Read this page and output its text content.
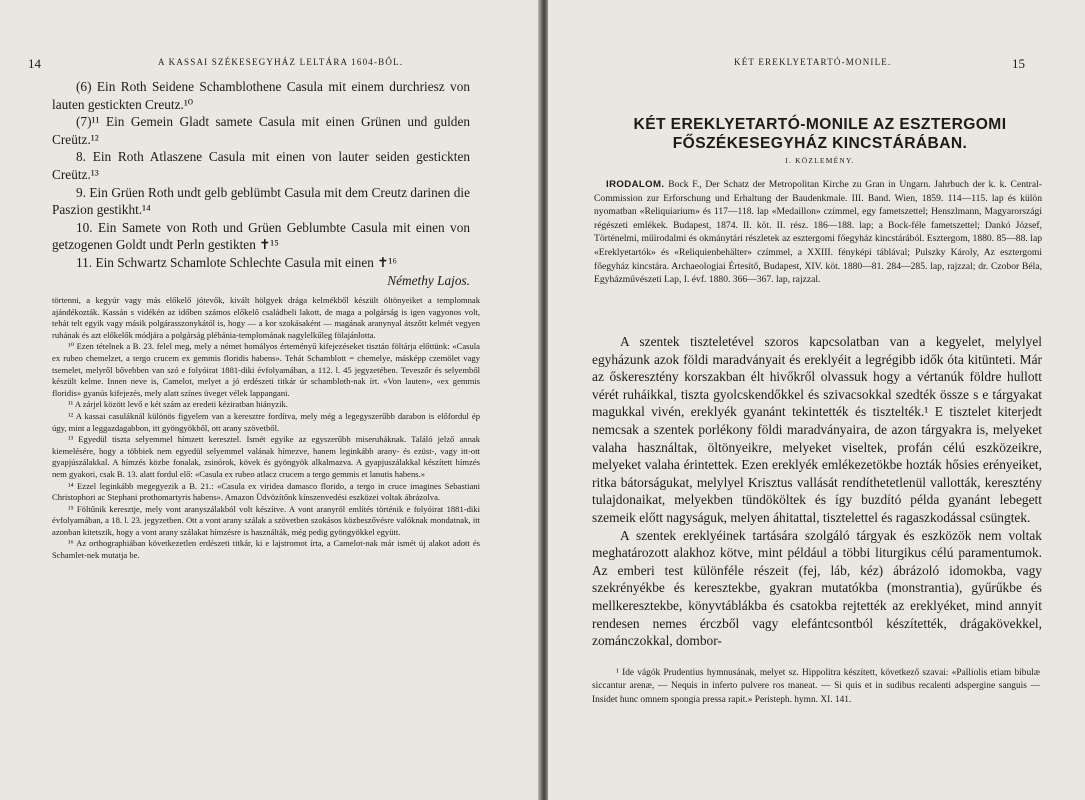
A KASSAI SZÉKESEGYHÁZ LELTÁRA 1604-BŐL.
14

(6) Ein Roth Seidene Schamblothene Casula mit einem durchriesz von lauten gestickten Creutz.¹⁰

(7)¹¹ Ein Gemein Gladt samete Casula mit einen Grünen und gulden Creütz.¹²

8. Ein Roth Atlaszene Casula mit einen von lauter seiden gestickten Creütz.¹³

9. Ein Grüen Roth undt gelb geblümbt Casula mit dem Creutz darinen die Paszion gestikht.¹⁴

10. Ein Samete von Roth und Grüen Geblumbte Casula mit einen von getzogenen Goldt undt Perln gestikten ✝¹⁵

11. Ein Schwartz Schamlote Schlechte Casula mit einen ✝¹⁶

Némethy Lajos.

törtenni, a kegyúr vagy más előkelő jótevők, kivált hölgyek drága kelmékből készült öltönyeiket a templomnak ajándékozták. Kassán s vidékén az időben számos előkelő családbeli lakott, de maga a polgárság is igen vagyonos volt, tehát telt egyik vagy másik polgárasszonykától is, hogy — a kor szokásaként — magának aranynyal átszőtt kelmét vegyen ruhának és azt előkelők módjára a polgárság plébánia-templomának nagylelkűleg fölajánlotta.

¹⁰ Ezen tételnek a B. 23. felel meg, mely a német homályos érteményű kifejezéseket tisztán föltárja előttünk: «Casula ex rubeo chemelzet, a tergo crucem ex gemmis floridis habens». Tehát Schamblott = chemelye, másképp czemölet vagy tsemelet, melyről bővebben van szó e folyóirat 1881-diki évfolyamában, a 112. l. 45 jegyzetében. Teveszőr és selyemből készült kelme. Innen neve is, Camelot, melyet a jó erdészeti titkár úr schambloth-nak írt. «Von lauten», «ex gemmis floridis» gyanús kifejezés, mely alatt színes üveget vélek lappangani.

¹¹ A zárjel között levő e két szám az eredeti kéziratban hiányzik.

¹² A kassai casuláknál különös figyelem van a keresztre fordítva, mely még a legegyszerűbb darabon is előfordul ép úgy, mint a leggazdagabbon, itt gyöngyökből, ott arany szövetből.

¹³ Egyedül tiszta selyemmel hímzett keresztel. Ismét egyike az egyszerűbb miseruháknak. Találó jelző annak kiemelésére, hogy a többiek nem egyedül selyemmel valának hímezve, hanem leginkább arany- és ezüst-, vagy itt-ott gyapjúszálakkal. A hímzés közbe fonalak, zsinórok, kövek és gyöngyök alkalmazva. A gyapjuszálakkal készített hímzés nem gyakori, csak B. 13. alatt fordul elő: «Casula ex rubeo atlacz crucem a tergo gemmis et lanutis habens.»

¹⁴ Ezzel leginkább megegyezik a B. 21.: «Casula ex viridea damasco florido, a tergo in cruce imagines Sebastiani Christophori ac Stephani prothomartyris habens». Amazon Üdvözítőnk kínszenvedési eszközei voltak ábrázolva.

¹⁵ Föltűnik keresztje, mely vont aranyszálakból volt készítve. A vont aranyról említés történik e folyóirat 1881-diki évfolyamában, a 18. l. 23. jegyzetben. Ott a vont arany szálak a szövetben szokásos közbeszővésre valóknak mondatnak, itt azonban kitetszik, hogy a vont arany szálakat hímzésre is használták, még pedig gyöngyökkel együtt.

¹⁶ Az orthographiában következetlen erdészeti titkár, ki e lajstromot írta, a Camelot-nak már ismét új alakot adott és Schamlet-nek mutatja be.

KÉT EREKLYETARTÓ-MONILE.	15
KÉT EREKLYETARTÓ-MONILE AZ ESZTERGOMI
FŐSZÉKESEGYHÁZ KINCSTÁRÁBAN.
I. KÖZLEMÉNY.

IRODALOM. Bock F., Der Schatz der Metropolitan Kirche zu Gran in Ungarn. Jahrbuch der k. k. Central-Commission zur Erforschung und Erhaltung der Baudenkmale. III. Band. Wien, 1859. 114—115. lap és külön nyomatban «Reliquiarium» és 117—118. lap «Medaillon» czímmel, egy fametszettel; Henszlmann, Magyarországi régészeti emlékek. Budapest, 1874. II. köt. II. rész. 186—188. lap; a Bock-féle fametszettel; Dankó József, Történelmi, műirodalmi és okmánytári részletek az esztergomi főegyház kincstárából. Esztergom, 1880. 85—88. lap «Ereklyetartók» és «Reliquienbehälter» czímmel, a XXIII. fényképi táblával; Pulszky Károly, Az esztergomi főegyház kincstára. Archaeologiai Értesítő, Budapest, XIV. köt. 1880—81. 284—285. lap, rajzzal; dr. Czobor Béla, Egyházművészeti Lap, I. évf. 1880. 366—367. lap, rajzzal.

A szentek tiszteletével szoros kapcsolatban van a kegyelet, melylyel egyházunk azok földi maradványait és ereklyéit a legrégibb idők óta kitünteti. Már az őskeresztény korszakban élt hivőkről olvassuk hogy a vértanúk földre hullott vérét ruháikkal, tiszta gyolcskendőkkel és szivacsokkal szedték össze s e tárgyakat magukkal vivén, ereklyék gyanánt tekintették és tisztelték.¹ E tisztelet kiterjedt nemcsak a szentek porlékony földi maradványaira, de azon tárgyakra is, melyeket valaha használtak, öltönyeikre, melyeket viseltek, profán célú eszközeikre, melyeket valaha érintettek. Ezen ereklyék emlékezetökbe hozták hősies erényeiket, ritka bátorságukat, melylyel Krisztus vallását rendíthetetlenül vallották, keresztény tulajdonaikat, melyekben tündököltek és így buzdító példa gyanánt lebegett szemeik előtt nagyságuk, melyen áhitattal, tisztelettel és ragaszkodással csüngtek.

A szentek ereklyéinek tartására szolgáló tárgyak és eszközök nem voltak meghatározott alakhoz kötve, mint például a többi liturgikus célú paramentumok. Az emberi test különféle részeit (fej, láb, kéz) ábrázoló idomokba, vagy szekrényékbe és keresztekbe, gyakran mutatókba (monstrantia), gyűrűkbe és mellkeresztekbe, könyvtáblákba és csatokba rejtették az ereklyéket, mind annyit rendesen nemes érczből vagy elefántcsontból készítették, drágakövekkel, zománczokkal, dombor-

¹ Ide vágók Prudentius hymnusának, melyet sz. Hippolitra készített, következő szavai: «Palliolis etiam bibulæ siccantur arenæ, — Nequis in inferto pulvere ros maneat. — Si quis et in sudibus recalenti adspergine sanguis — Insidet hunc omnem spongia pressa rapit.» Peristeph. hymn. XI. 141.
